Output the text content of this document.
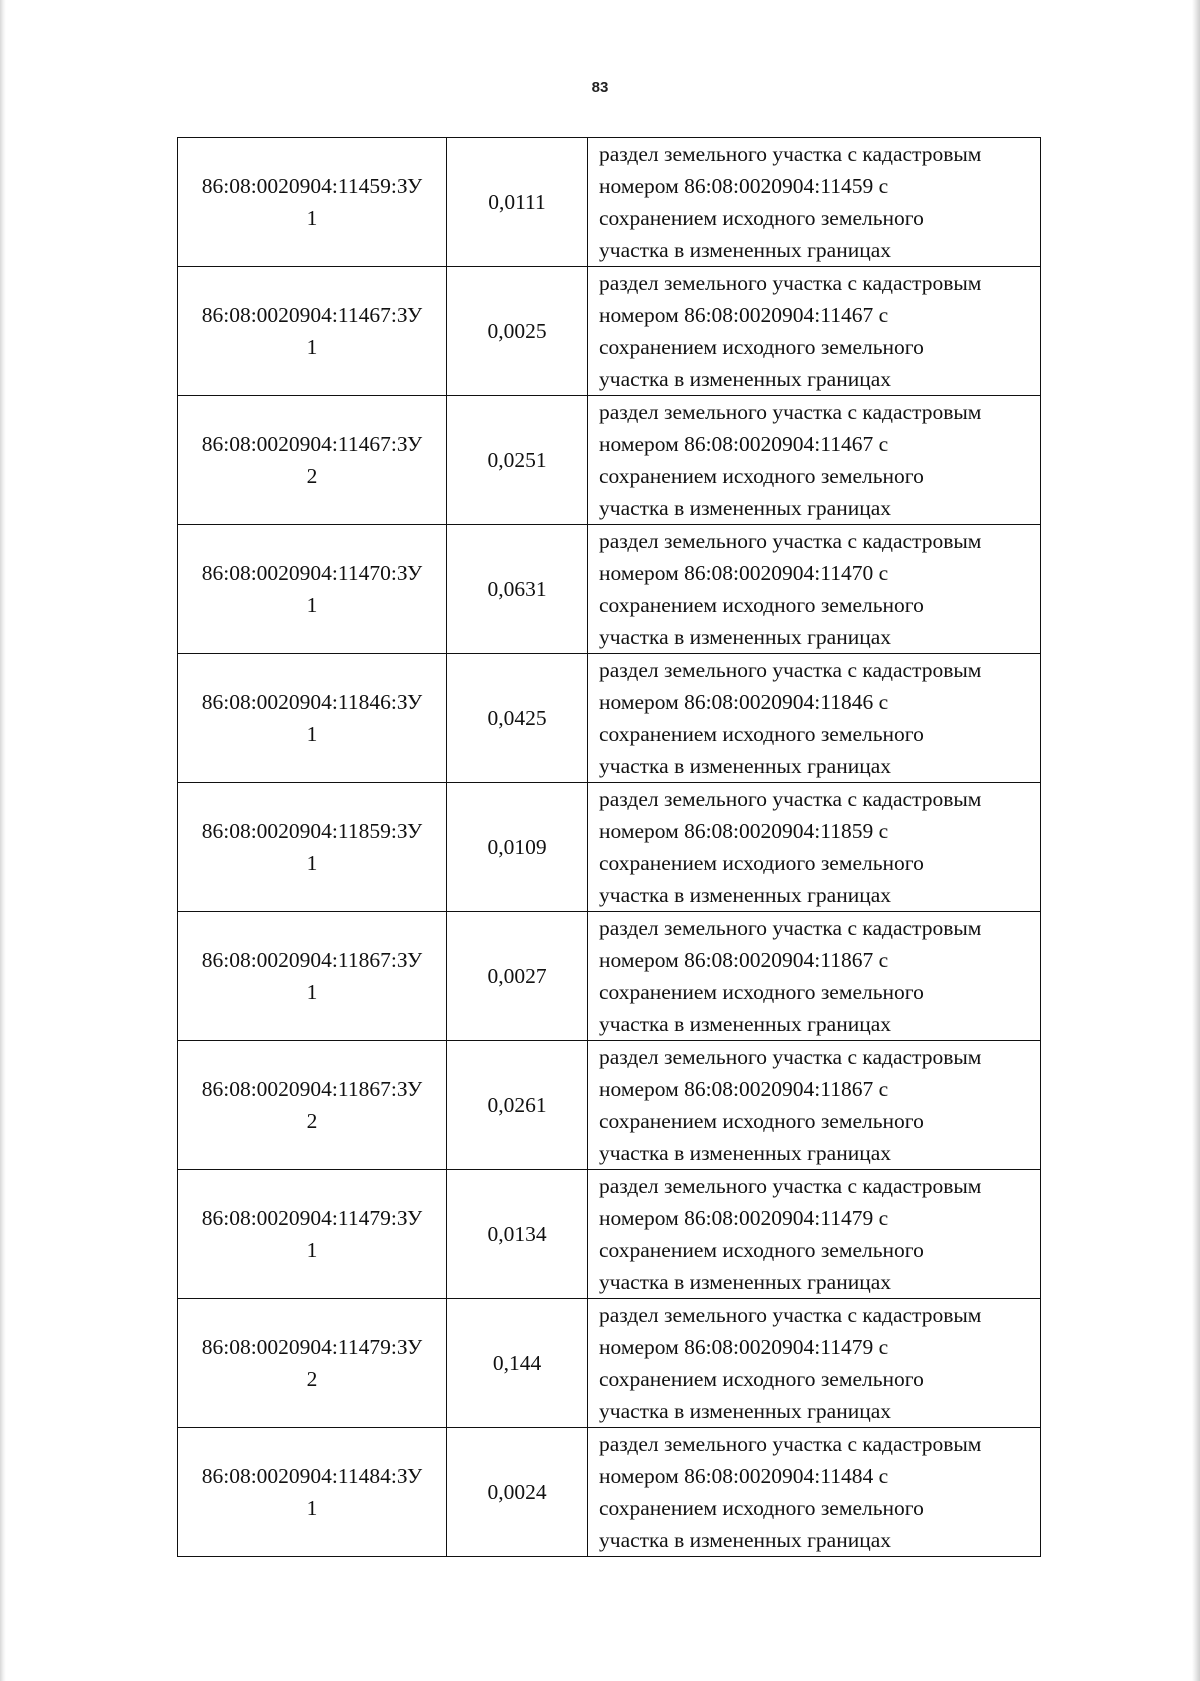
83
86:08:0020904:11459:ЗУ
1	0,0111	раздел земельного участка с кадастровым
номером 86:08:0020904:11459 с
сохранением исходного земельного
участка в измененных границах

86:08:0020904:11467:ЗУ
1	0,0025	раздел земельного участка с кадастровым
номером 86:08:0020904:11467 с
сохранением исходного земельного
участка в измененных границах

86:08:0020904:11467:ЗУ
2	0,0251	раздел земельного участка с кадастровым
номером 86:08:0020904:11467 с
сохранением исходного земельного
участка в измененных границах

86:08:0020904:11470:ЗУ
1	0,0631	раздел земельного участка с кадастровым
номером 86:08:0020904:11470 с
сохранением исходного земельного
участка в измененных границах

86:08:0020904:11846:ЗУ
1	0,0425	раздел земельного участка с кадастровым
номером 86:08:0020904:11846 с
сохранением исходного земельного
участка в измененных границах

86:08:0020904:11859:ЗУ
1	0,0109	раздел земельного участка с кадастровым
номером 86:08:0020904:11859 с
сохранением исходиого земельного
участка в измененных границах

86:08:0020904:11867:ЗУ
1	0,0027	раздел земельного участка с кадастровым
номером 86:08:0020904:11867 с
сохранением исходного земельного
участка в измененных границах

86:08:0020904:11867:ЗУ
2	0,0261	раздел земельного участка с кадастровым
номером 86:08:0020904:11867 с
сохранением исходного земельного
участка в измененных границах

86:08:0020904:11479:ЗУ
1	0,0134	раздел земельного участка с кадастровым
номером 86:08:0020904:11479 с
сохранением исходного земельного
участка в измененных границах

86:08:0020904:11479:ЗУ
2	0,144	раздел земельного участка с кадастровым
номером 86:08:0020904:11479 с
сохранением исходного земельного
участка в измененных границах

86:08:0020904:11484:ЗУ
1	0,0024	раздел земельного участка с кадастровым
номером 86:08:0020904:11484 с
сохранением исходного земельного
участка в измененных границах
